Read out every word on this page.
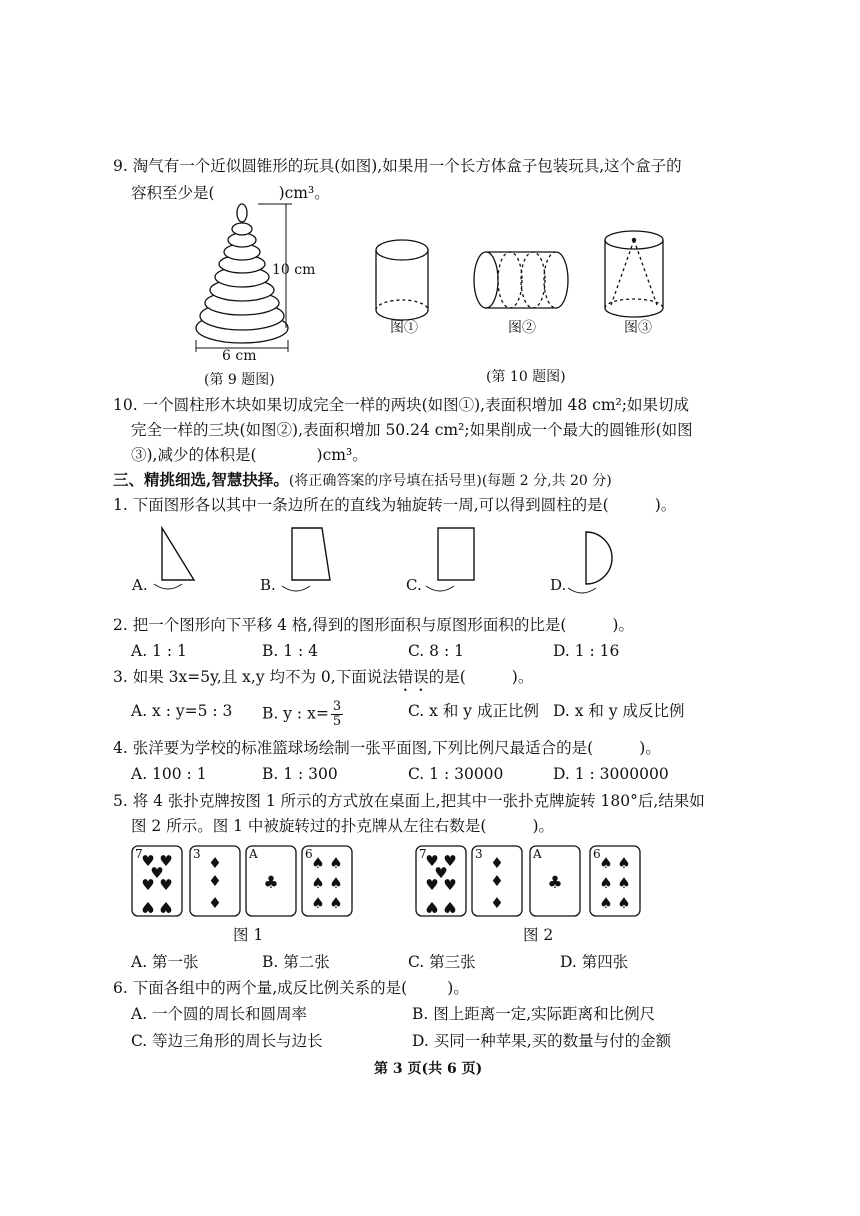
9. 淘气有一个近似圆锥形的玩具(如图),如果用一个长方体盒子包装玩具,这个盒子的
容积至少是(	)cm³。
10 cm
6 cm
(第 9 题图)
图①	图②	图③
(第 10 题图)
10. 一个圆柱形木块如果切成完全一样的两块(如图①),表面积增加 48 cm²;如果切成
完全一样的三块(如图②),表面积增加 50.24 cm²;如果削成一个最大的圆锥形(如图
③),减少的体积是(	)cm³。
三、精挑细选,智慧抉择。(将正确答案的序号填在括号里)(每题 2 分,共 20 分)
1. 下面图形各以其中一条边所在的直线为轴旋转一周,可以得到圆柱的是(	)。
A.	B.	C.	D.
2. 把一个图形向下平移 4 格,得到的图形面积与原图形面积的比是(	)。
A. 1 : 1	B. 1 : 4	C. 8 : 1	D. 1 : 16
3. 如果 3x=5y,且 x,y 均不为 0,下面说法错误的是(	)。
A. x : y=5 : 3 B. y : $x= \frac{3}{5}$	C. x 和 y 成正比例 D. x 和 y 成反比例
4. 张洋要为学校的标准篮球场绘制一张平面图,下列比例尺最适合的是(	)。
A. 100 : 1	B. 1 : 300	C. 1 : 30000	D. 1 : 3000000
5. 将 4 张扑克牌按图 1 所示的方式放在桌面上,把其中一张扑克牌旋转 180°后,结果如
图 2 所示。图 1 中被旋转过的扑克牌从左往右数是(	)。
7	3	A	6	7	3	A	6
♥ ♥
♥
♥ ♥
♥ ♥
♦
♦
♦
♣
♠ ♠
♠ ♠
♠ ♠
♥ ♥
♥
♥ ♥
♥ ♥
♦
♦
♦
♣
♠ ♠
♠ ♠
♠ ♠
图 1	图 2
A. 第一张	B. 第二张	C. 第三张	D. 第四张
6. 下面各组中的两个量,成反比例关系的是(	)。
A. 一个圆的周长和圆周率	B. 图上距离一定,实际距离和比例尺
C. 等边三角形的周长与边长	D. 买同一种苹果,买的数量与付的金额
第 3 页(共 6 页)
